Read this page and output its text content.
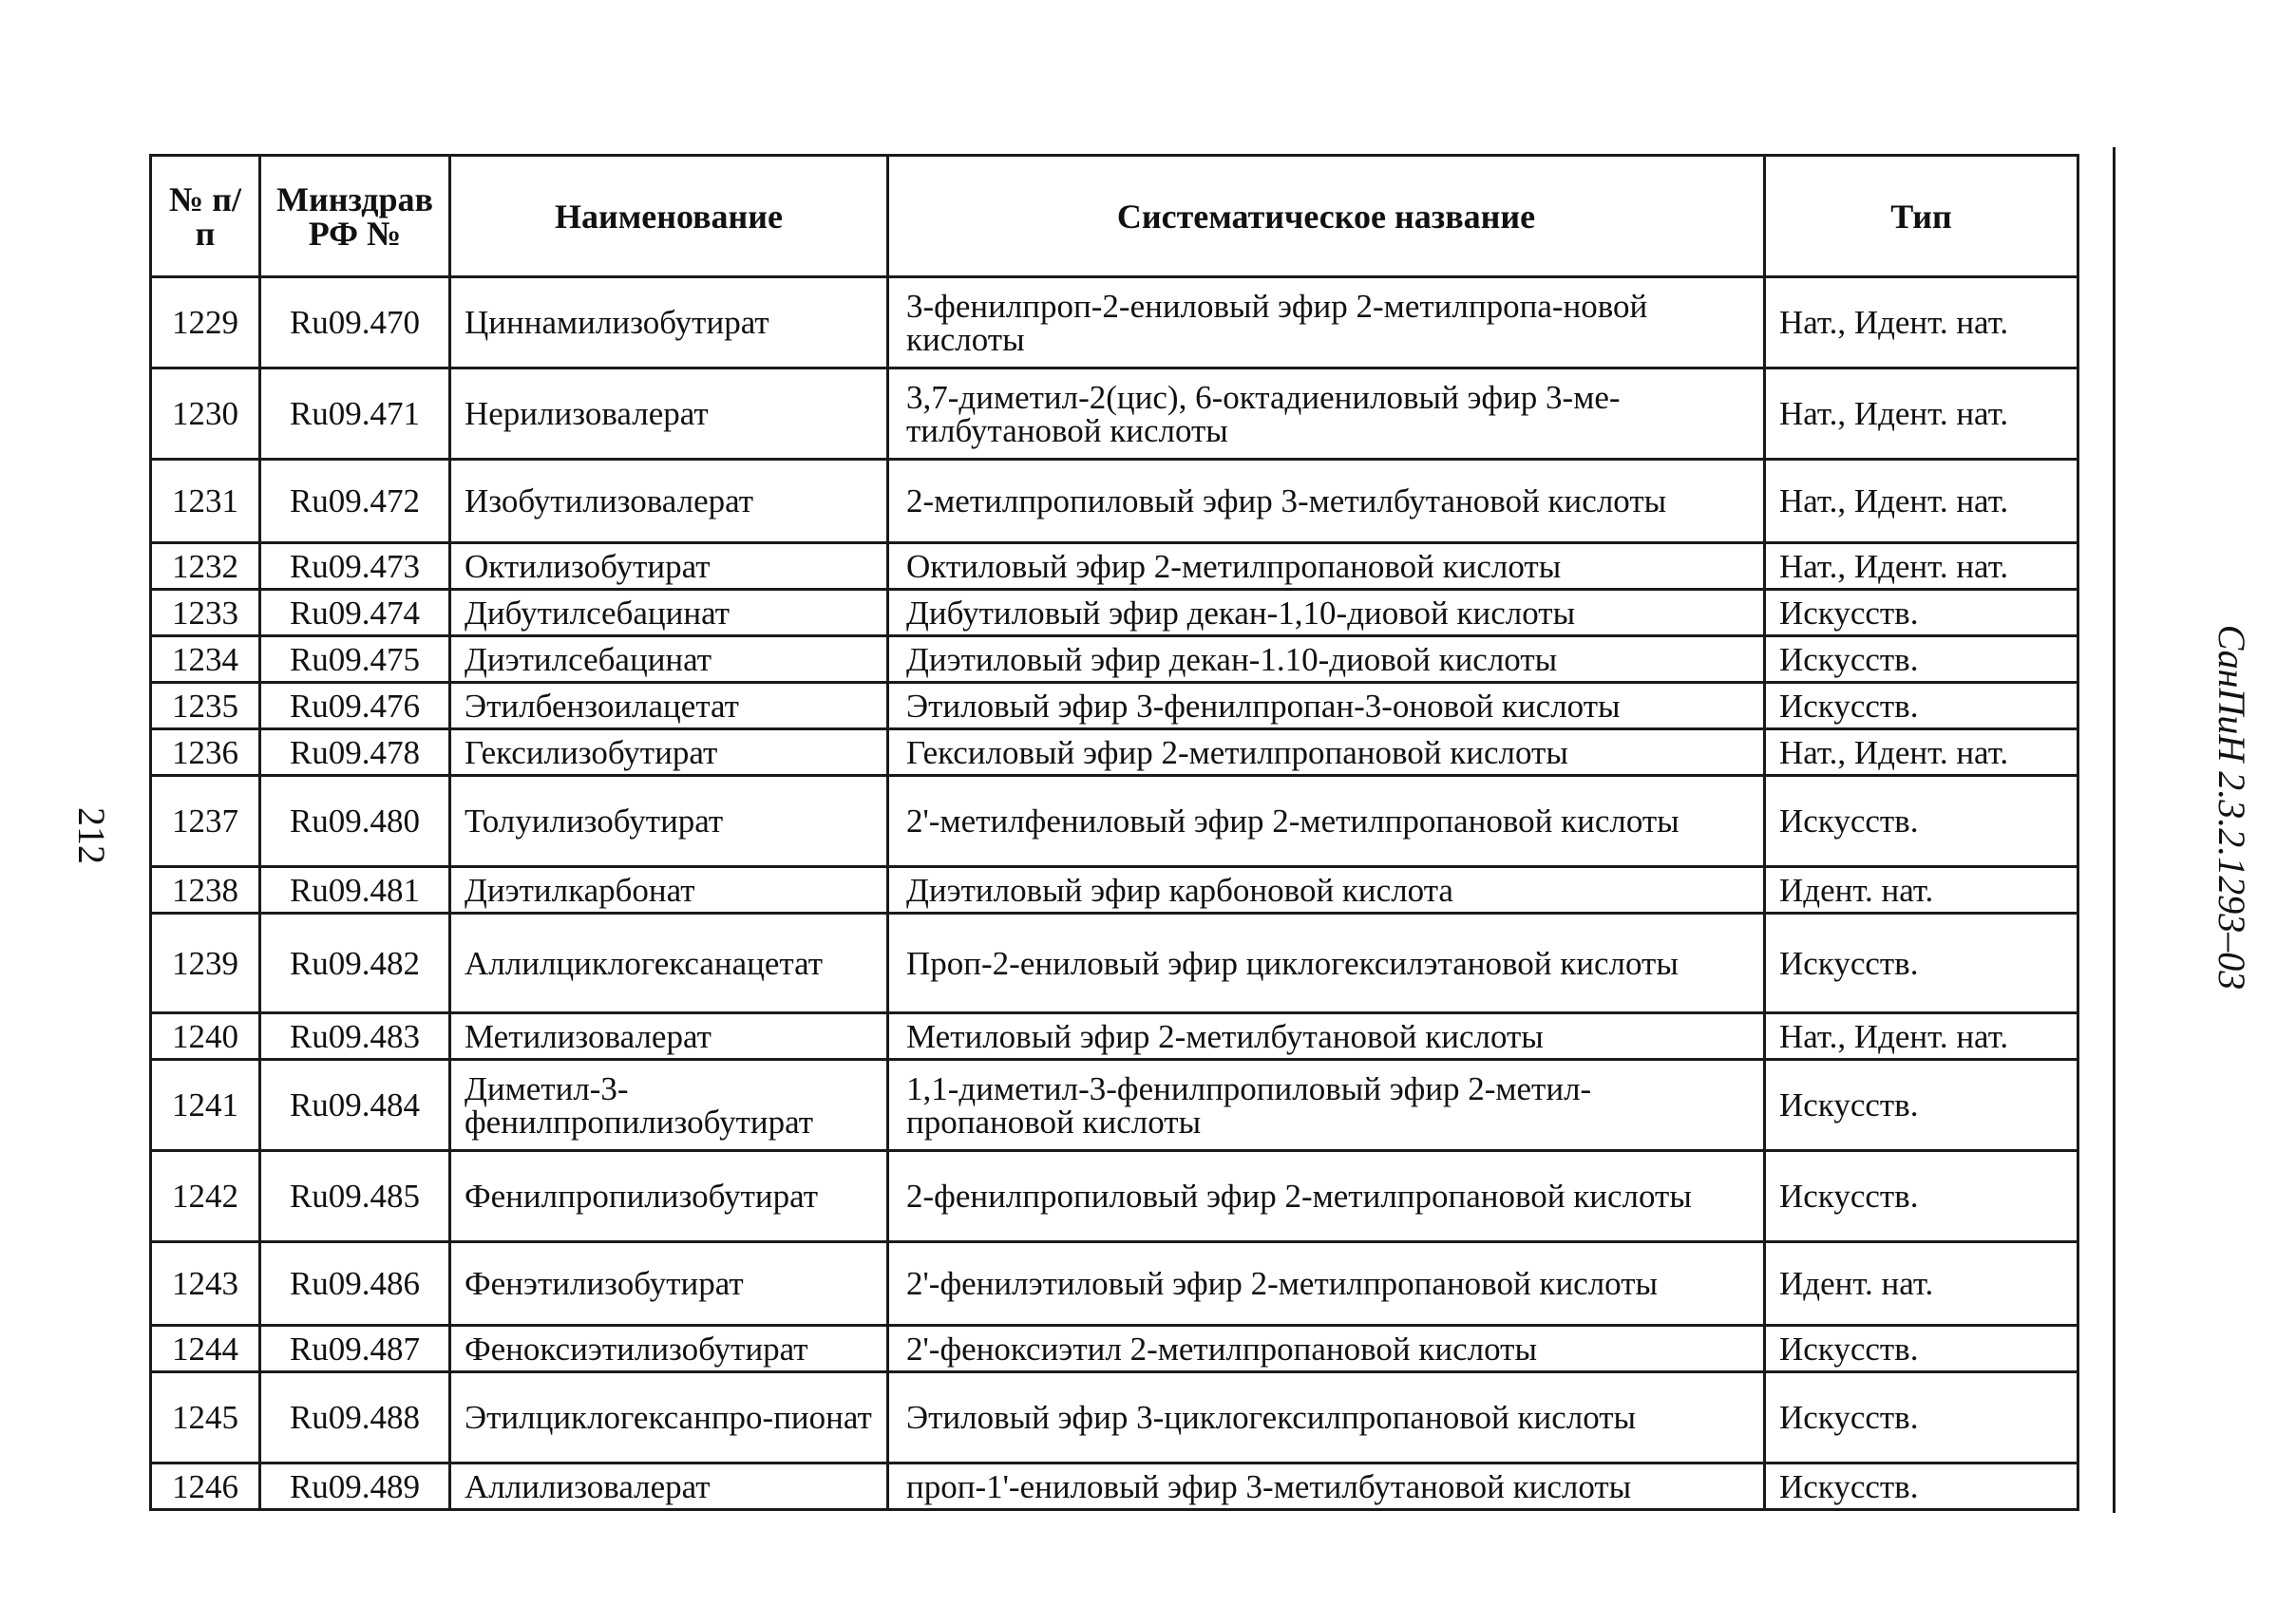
№ п/п	Минздрав РФ №	Наименование	Систематическое название	Тип
1229	Ru09.470	Циннамилизобутират	3-фенилпроп-2-ениловый эфир 2-метилпропа-новой кислоты	Нат., Идент. нат.
1230	Ru09.471	Нерилизовалерат	3,7-диметил-2(цис), 6-октадиениловый эфир 3-ме-тилбутановой кислоты	Нат., Идент. нат.
1231	Ru09.472	Изобутилизовалерат	2-метилпропиловый эфир 3-метилбутановой кислоты	Нат., Идент. нат.
1232	Ru09.473	Октилизобутират	Октиловый эфир 2-метилпропановой кислоты	Нат., Идент. нат.
1233	Ru09.474	Дибутилсебацинат	Дибутиловый эфир декан-1,10-диовой кислоты	Искусств.
1234	Ru09.475	Диэтилсебацинат	Диэтиловый эфир декан-1.10-диовой кислоты	Искусств.
1235	Ru09.476	Этилбензоилацетат	Этиловый эфир 3-фенилпропан-3-оновой кислоты	Искусств.
1236	Ru09.478	Гексилизобутират	Гексиловый эфир 2-метилпропановой кислоты	Нат., Идент. нат.
1237	Ru09.480	Толуилизобутират	2'-метилфениловый эфир 2-метилпропановой кислоты	Искусств.
1238	Ru09.481	Диэтилкарбонат	Диэтиловый эфир карбоновой кислота	Идент. нат.
1239	Ru09.482	Аллилциклогексанацетат	Проп-2-ениловый эфир циклогексилэтановой кислоты	Искусств.
1240	Ru09.483	Метилизовалерат	Метиловый эфир 2-метилбутановой кислоты	Нат., Идент. нат.
1241	Ru09.484	Диметил-3-фенилпропилизобутират	1,1-диметил-3-фенилпропиловый эфир 2-метил-пропановой кислоты	Искусств.
1242	Ru09.485	Фенилпропилизобутират	2-фенилпропиловый эфир 2-метилпропановой кислоты	Искусств.
1243	Ru09.486	Фенэтилизобутират	2'-фенилэтиловый эфир 2-метилпропановой кислоты	Идент. нат.
1244	Ru09.487	Феноксиэтилизобутират	2'-феноксиэтил 2-метилпропановой кислоты	Искусств.
1245	Ru09.488	Этилциклогексанпро-пионат	Этиловый эфир 3-циклогексилпропановой кислоты	Искусств.
1246	Ru09.489	Аллилизовалерат	проп-1'-ениловый эфир 3-метилбутановой кислоты	Искусств.
СанПиН 2.3.2.1293–03
212
